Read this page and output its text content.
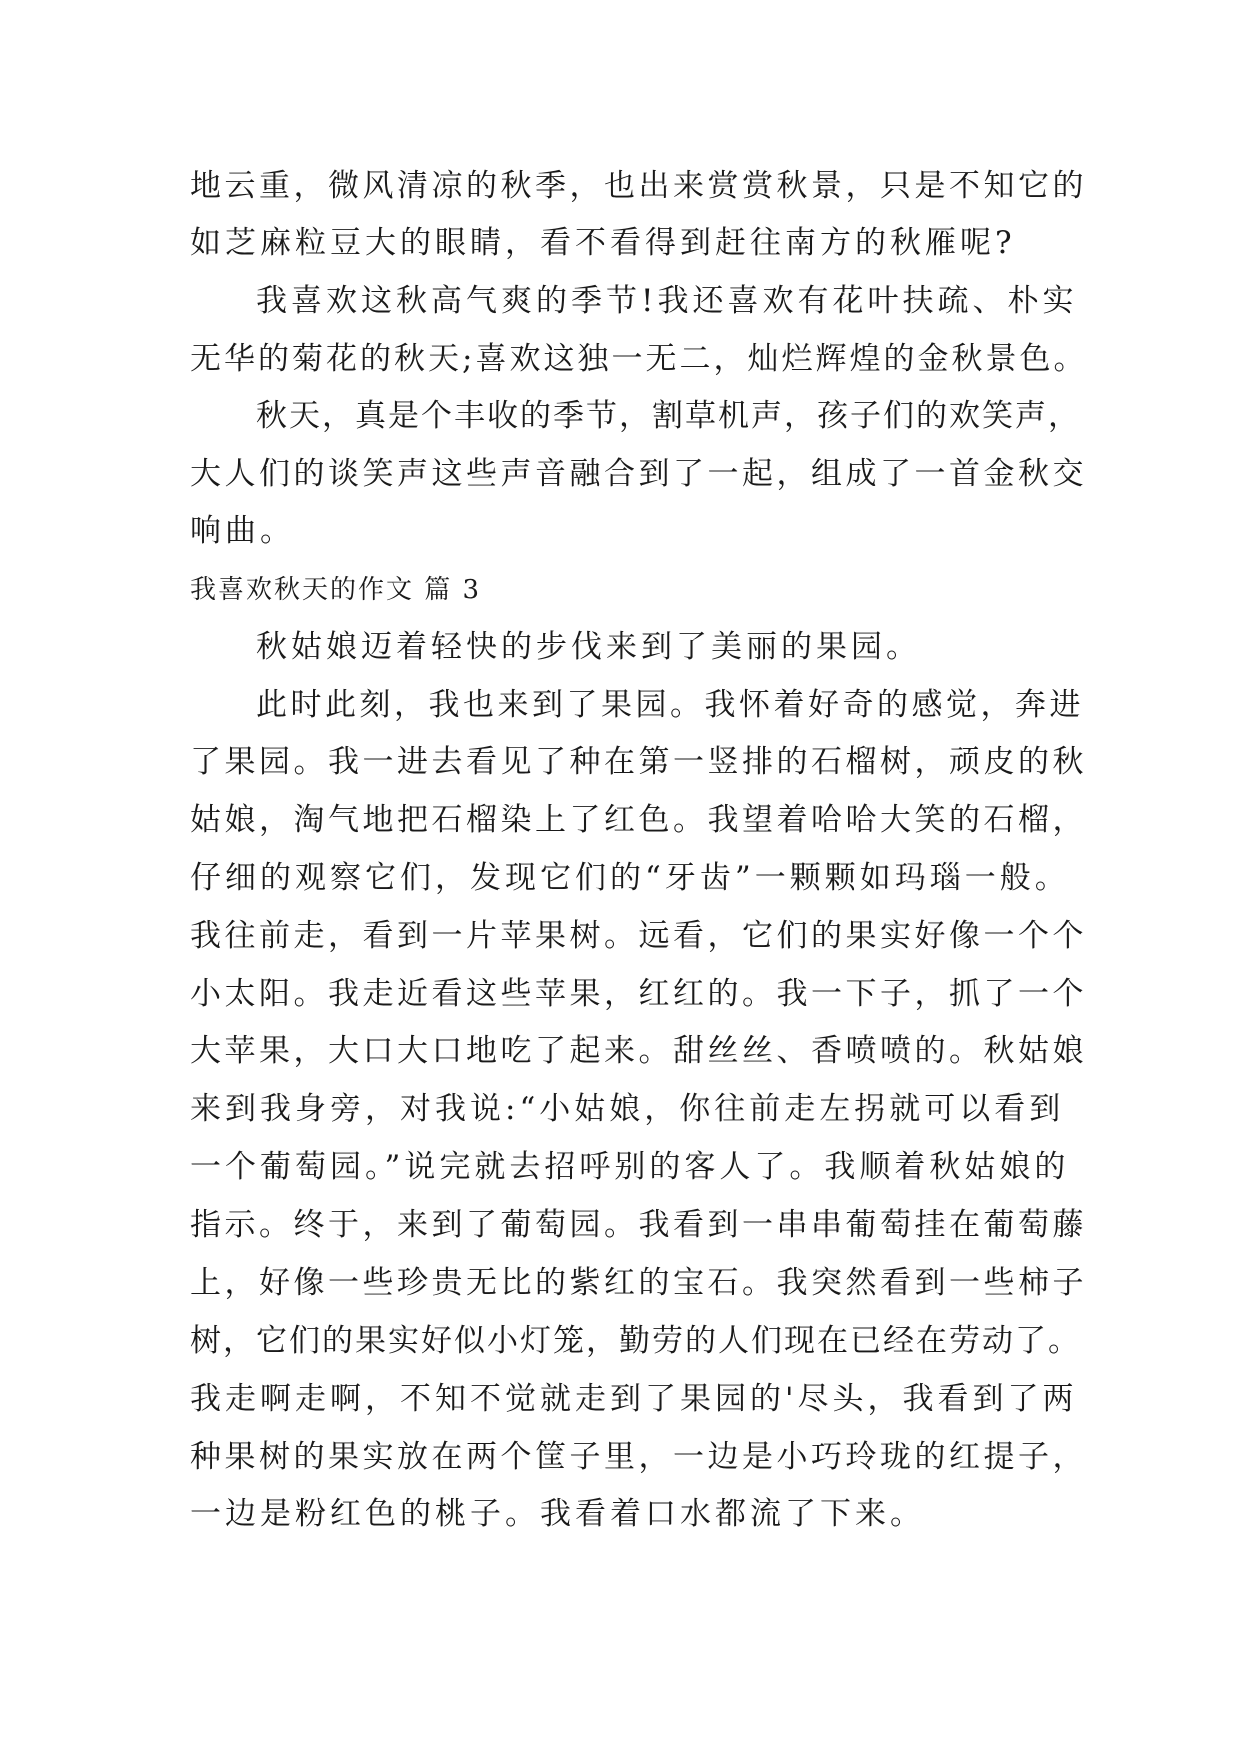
地云重，微风清凉的秋季，也出来赏赏秋景，只是不知它的
如芝麻粒豆大的眼睛，看不看得到赶往南方的秋雁呢?
我喜欢这秋高气爽的季节!我还喜欢有花叶扶疏、朴实
无华的菊花的秋天;喜欢这独一无二，灿烂辉煌的金秋景色。
秋天，真是个丰收的季节，割草机声，孩子们的欢笑声，
大人们的谈笑声这些声音融合到了一起，组成了一首金秋交
响曲。
我喜欢秋天的作文 篇 3
秋姑娘迈着轻快的步伐来到了美丽的果园。
此时此刻，我也来到了果园。我怀着好奇的感觉，奔进
了果园。我一进去看见了种在第一竖排的石榴树，顽皮的秋
姑娘，淘气地把石榴染上了红色。我望着哈哈大笑的石榴，
仔细的观察它们，发现它们的“牙齿”一颗颗如玛瑙一般。
我往前走，看到一片苹果树。远看，它们的果实好像一个个
小太阳。我走近看这些苹果，红红的。我一下子，抓了一个
大苹果，大口大口地吃了起来。甜丝丝、香喷喷的。秋姑娘
来到我身旁，对我说:“小姑娘，你往前走左拐就可以看到
一个葡萄园。”说完就去招呼别的客人了。我顺着秋姑娘的
指示。终于，来到了葡萄园。我看到一串串葡萄挂在葡萄藤
上，好像一些珍贵无比的紫红的宝石。我突然看到一些柿子
树，它们的果实好似小灯笼，勤劳的人们现在已经在劳动了。
我走啊走啊，不知不觉就走到了果园的'尽头，我看到了两
种果树的果实放在两个筐子里，一边是小巧玲珑的红提子，
一边是粉红色的桃子。我看着口水都流了下来。
